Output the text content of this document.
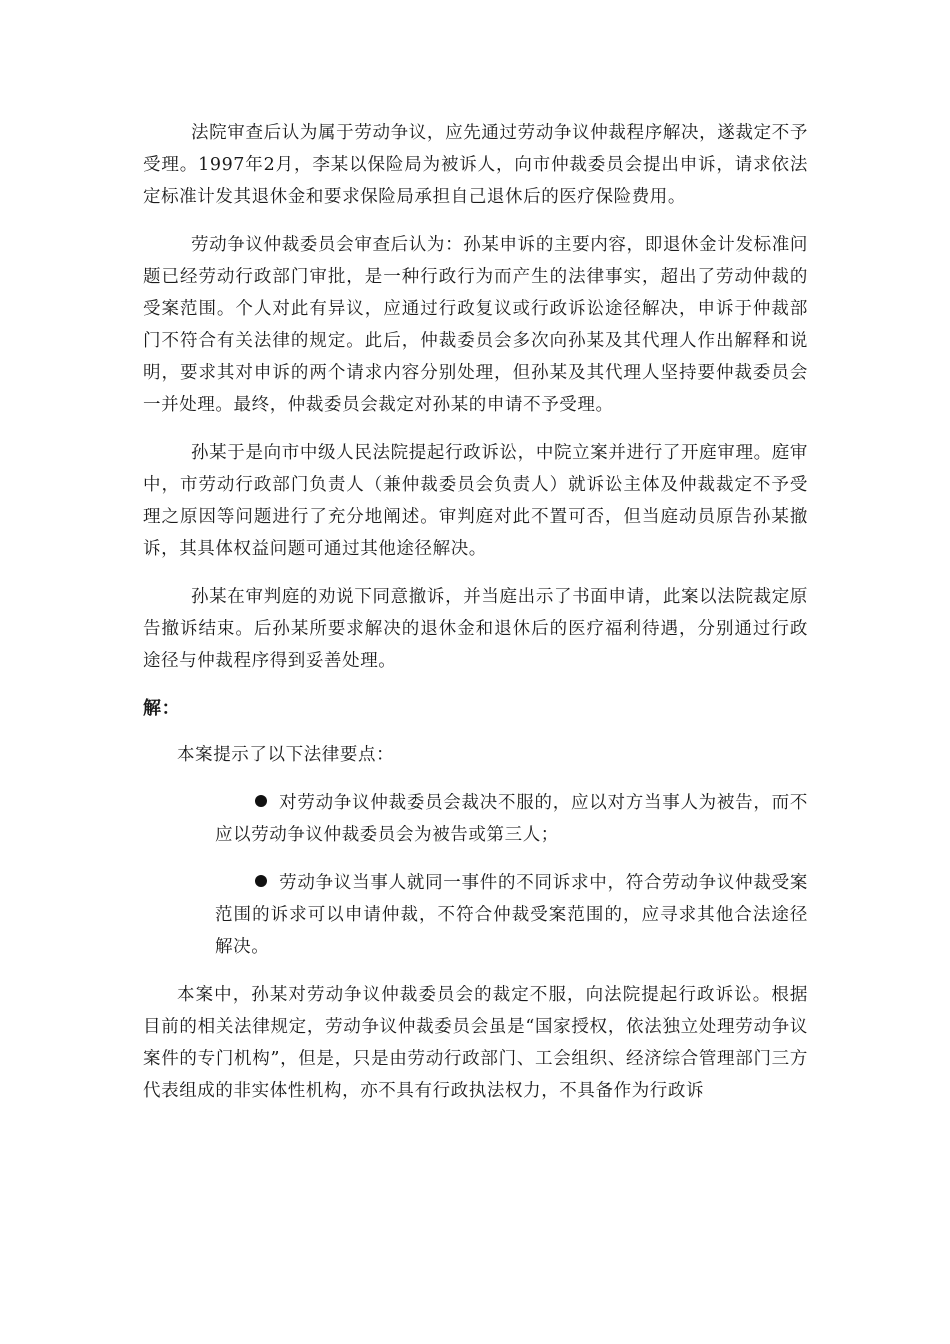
法院审查后认为属于劳动争议，应先通过劳动争议仲裁程序解决，遂裁定不予受理。1997年2月，李某以保险局为被诉人，向市仲裁委员会提出申诉，请求依法定标准计发其退休金和要求保险局承担自己退休后的医疗保险费用。

劳动争议仲裁委员会审查后认为：孙某申诉的主要内容，即退休金计发标准问题已经劳动行政部门审批，是一种行政行为而产生的法律事实，超出了劳动仲裁的受案范围。个人对此有异议，应通过行政复议或行政诉讼途径解决，申诉于仲裁部门不符合有关法律的规定。此后，仲裁委员会多次向孙某及其代理人作出解释和说明，要求其对申诉的两个请求内容分别处理，但孙某及其代理人坚持要仲裁委员会一并处理。最终，仲裁委员会裁定对孙某的申请不予受理。

孙某于是向市中级人民法院提起行政诉讼，中院立案并进行了开庭审理。庭审中，市劳动行政部门负责人（兼仲裁委员会负责人）就诉讼主体及仲裁裁定不予受理之原因等问题进行了充分地阐述。审判庭对此不置可否，但当庭动员原告孙某撤诉，其具体权益问题可通过其他途径解决。

孙某在审判庭的劝说下同意撤诉，并当庭出示了书面申请，此案以法院裁定原告撤诉结束。后孙某所要求解决的退休金和退休后的医疗福利待遇，分别通过行政途径与仲裁程序得到妥善处理。

解：

本案提示了以下法律要点：

对劳动争议仲裁委员会裁决不服的，应以对方当事人为被告，而不应以劳动争议仲裁委员会为被告或第三人；

劳动争议当事人就同一事件的不同诉求中，符合劳动争议仲裁受案范围的诉求可以申请仲裁，不符合仲裁受案范围的，应寻求其他合法途径解决。

本案中，孙某对劳动争议仲裁委员会的裁定不服，向法院提起行政诉讼。根据目前的相关法律规定，劳动争议仲裁委员会虽是“国家授权，依法独立处理劳动争议案件的专门机构”，但是，只是由劳动行政部门、工会组织、经济综合管理部门三方代表组成的非实体性机构，亦不具有行政执法权力，不具备作为行政诉
